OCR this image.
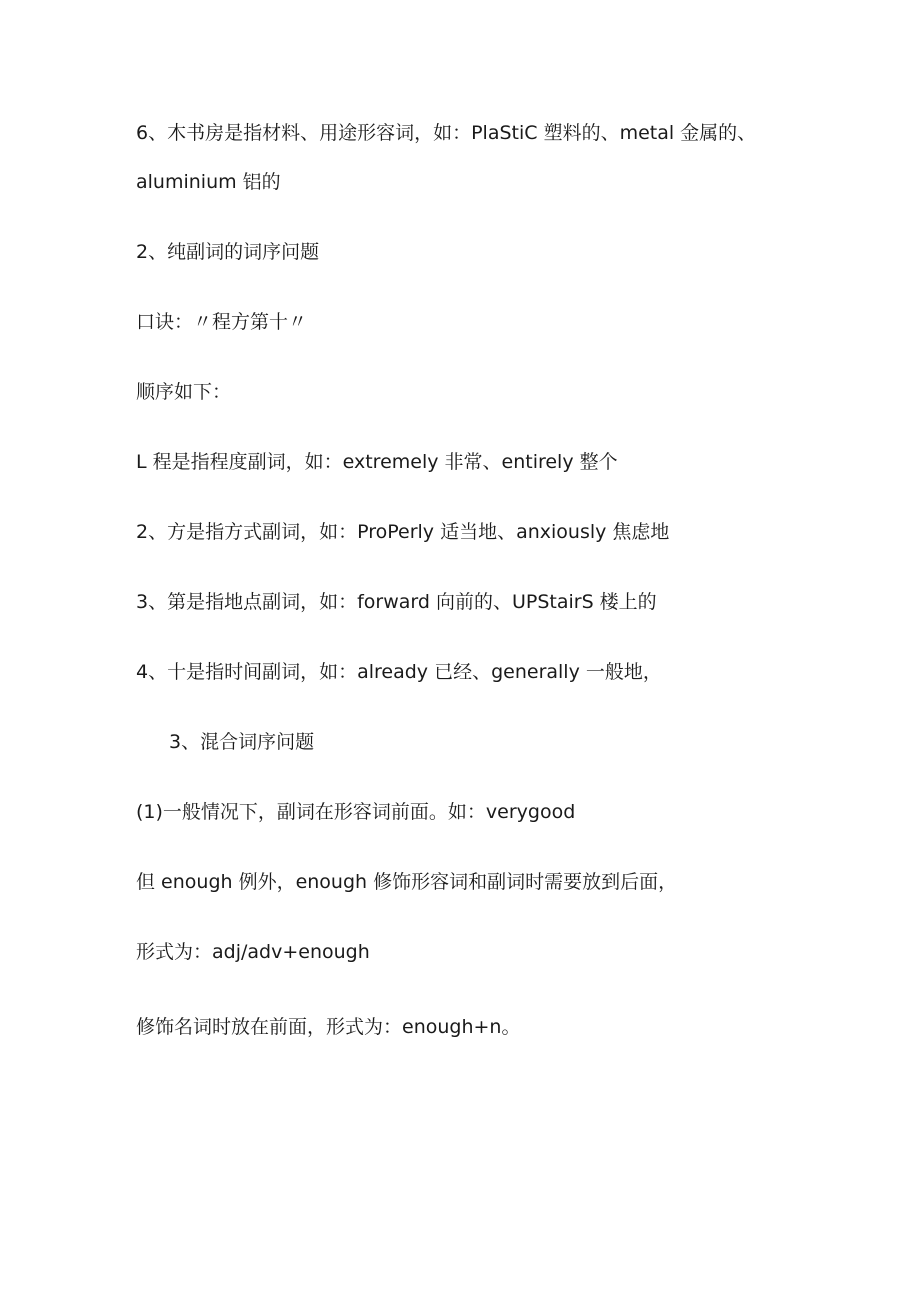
6、木书房是指材料、用途形容词，如：PlaStiC 塑料的、metal 金属的、
aluminium 铝的
2、纯副词的词序问题
口诀：〃程方第十〃
顺序如下：
L 程是指程度副词，如：extremely 非常、entirely 整个
2、方是指方式副词，如：ProPerly 适当地、anxiously 焦虑地
3、第是指地点副词，如：forward 向前的、UPStairS 楼上的
4、十是指时间副词，如：already 已经、generally 一般地，
3、混合词序问题
(1)一般情况下，副词在形容词前面。如：verygood
但 enough 例外，enough 修饰形容词和副词时需要放到后面，
形式为：adj/adv+enough
修饰名词时放在前面，形式为：enough+n。
